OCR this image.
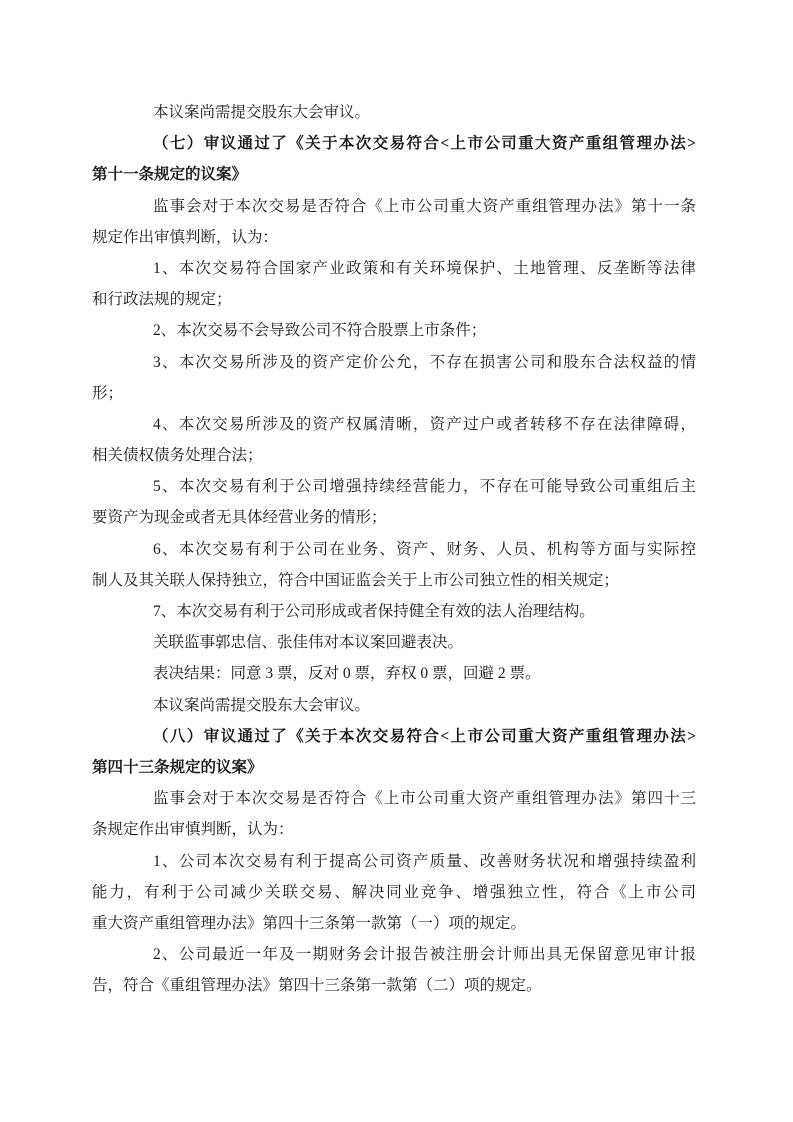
本议案尚需提交股东大会审议。
（七）审议通过了《关于本次交易符合<上市公司重大资产重组管理办法>
第十一条规定的议案》
监事会对于本次交易是否符合《上市公司重大资产重组管理办法》第十一条
规定作出审慎判断，认为：
1、本次交易符合国家产业政策和有关环境保护、土地管理、反垄断等法律
和行政法规的规定；
2、本次交易不会导致公司不符合股票上市条件；
3、本次交易所涉及的资产定价公允，不存在损害公司和股东合法权益的情
形；
4、本次交易所涉及的资产权属清晰，资产过户或者转移不存在法律障碍，
相关债权债务处理合法；
5、本次交易有利于公司增强持续经营能力，不存在可能导致公司重组后主
要资产为现金或者无具体经营业务的情形；
6、本次交易有利于公司在业务、资产、财务、人员、机构等方面与实际控
制人及其关联人保持独立，符合中国证监会关于上市公司独立性的相关规定；
7、本次交易有利于公司形成或者保持健全有效的法人治理结构。
关联监事郭忠信、张佳伟对本议案回避表决。
表决结果：同意 3 票，反对 0 票，弃权 0 票，回避 2 票。
本议案尚需提交股东大会审议。
（八）审议通过了《关于本次交易符合<上市公司重大资产重组管理办法>
第四十三条规定的议案》
监事会对于本次交易是否符合《上市公司重大资产重组管理办法》第四十三
条规定作出审慎判断，认为：
1、公司本次交易有利于提高公司资产质量、改善财务状况和增强持续盈利
能力，有利于公司减少关联交易、解决同业竞争、增强独立性，符合《上市公司
重大资产重组管理办法》第四十三条第一款第（一）项的规定。
2、公司最近一年及一期财务会计报告被注册会计师出具无保留意见审计报
告，符合《重组管理办法》第四十三条第一款第（二）项的规定。
